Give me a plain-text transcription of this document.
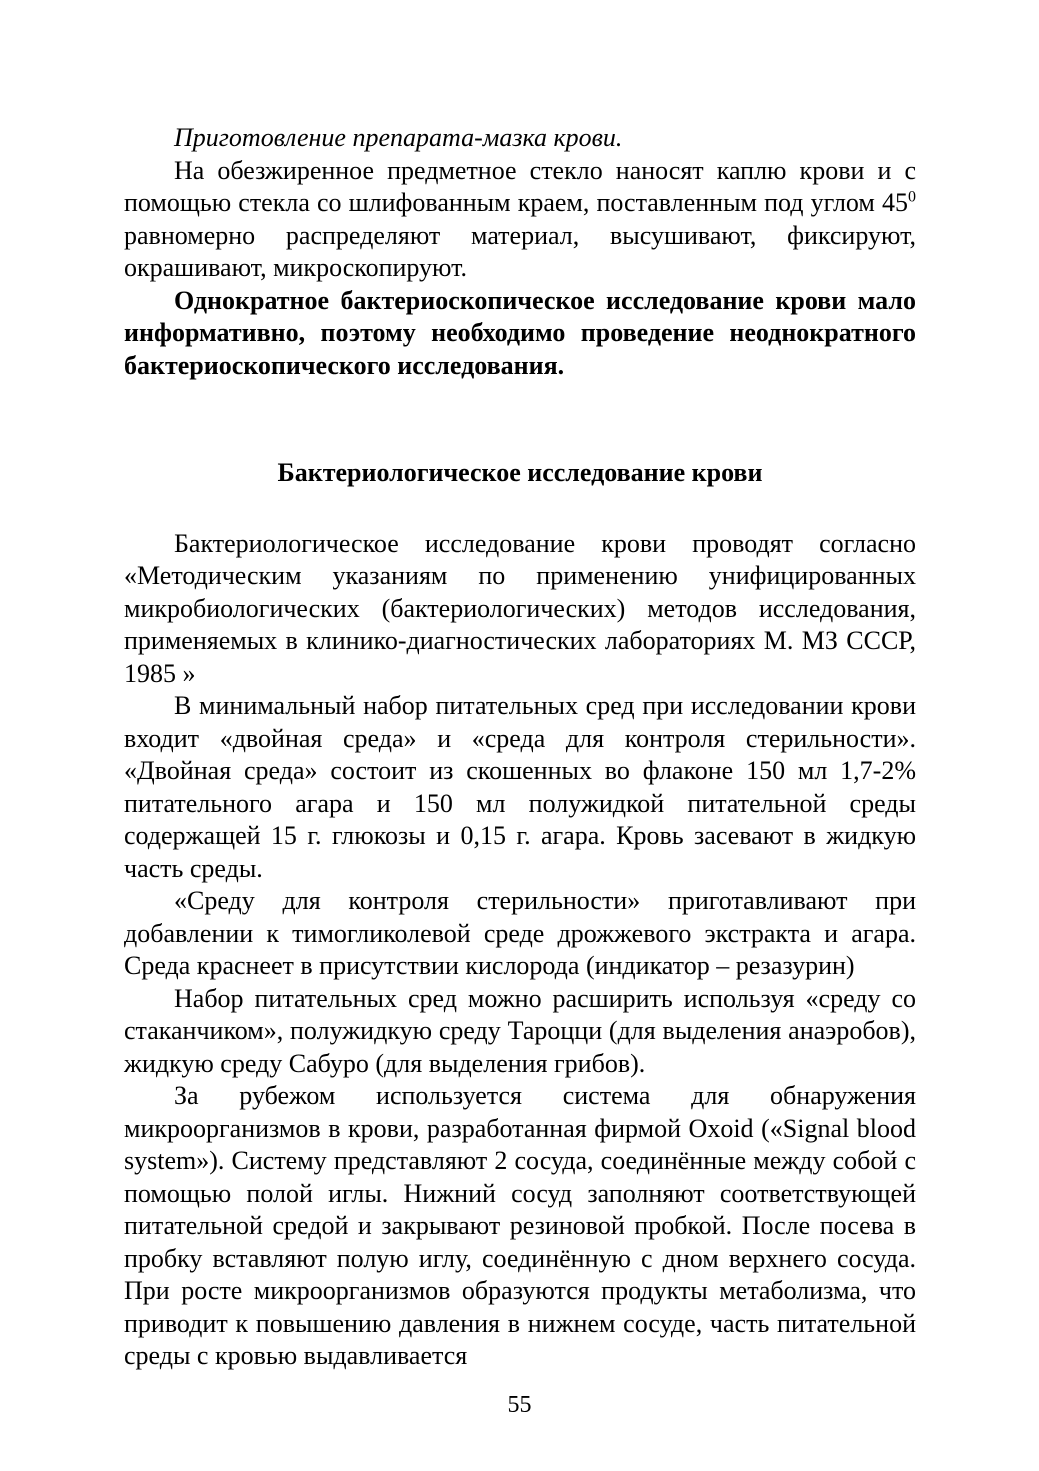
Приготовление препарата-мазка крови.

На обезжиренное предметное стекло наносят каплю крови и с помощью стекла со шлифованным краем, поставленным под углом $45^0$ равномерно распределяют материал, высушивают, фиксируют, окрашивают, микроскопируют.

Однократное бактериоскопическое исследование крови мало информативно, поэтому необходимо проведение неоднократного бактериоскопического исследования.

Бактериологическое исследование крови

Бактериологическое исследование крови проводят согласно «Методическим указаниям по применению унифицированных микробиологических (бактериологических) методов исследования, применяемых в клинико-диагностических лабораториях М. МЗ СССР, 1985 »

В минимальный набор питательных сред при исследовании крови входит «двойная среда» и «среда для контроля стерильности». «Двойная среда» состоит из скошенных во флаконе 150 мл 1,7-2% питательного агара и 150 мл полужидкой питательной среды содержащей 15 г. глюкозы и 0,15 г. агара. Кровь засевают в жидкую часть среды.

«Среду для контроля стерильности» приготавливают при добавлении к тимогликолевой среде дрожжевого экстракта и агара. Среда краснеет в присутствии кислорода (индикатор – резазурин)

Набор питательных сред можно расширить используя «среду со стаканчиком», полужидкую среду Тароцци (для выделения анаэробов), жидкую среду Сабуро (для выделения грибов).

За рубежом используется система для обнаружения микроорганизмов в крови, разработанная фирмой Oxoid («Signal blood system»). Систему представляют 2 сосуда, соединённые между собой с помощью полой иглы. Нижний сосуд заполняют соответствующей питательной средой и закрывают резиновой пробкой. После посева в пробку вставляют полую иглу, соединённую с дном верхнего сосуда. При росте микроорганизмов образуются продукты метаболизма, что приводит к повышению давления в нижнем сосуде, часть питательной среды с кровью выдавливается

55
